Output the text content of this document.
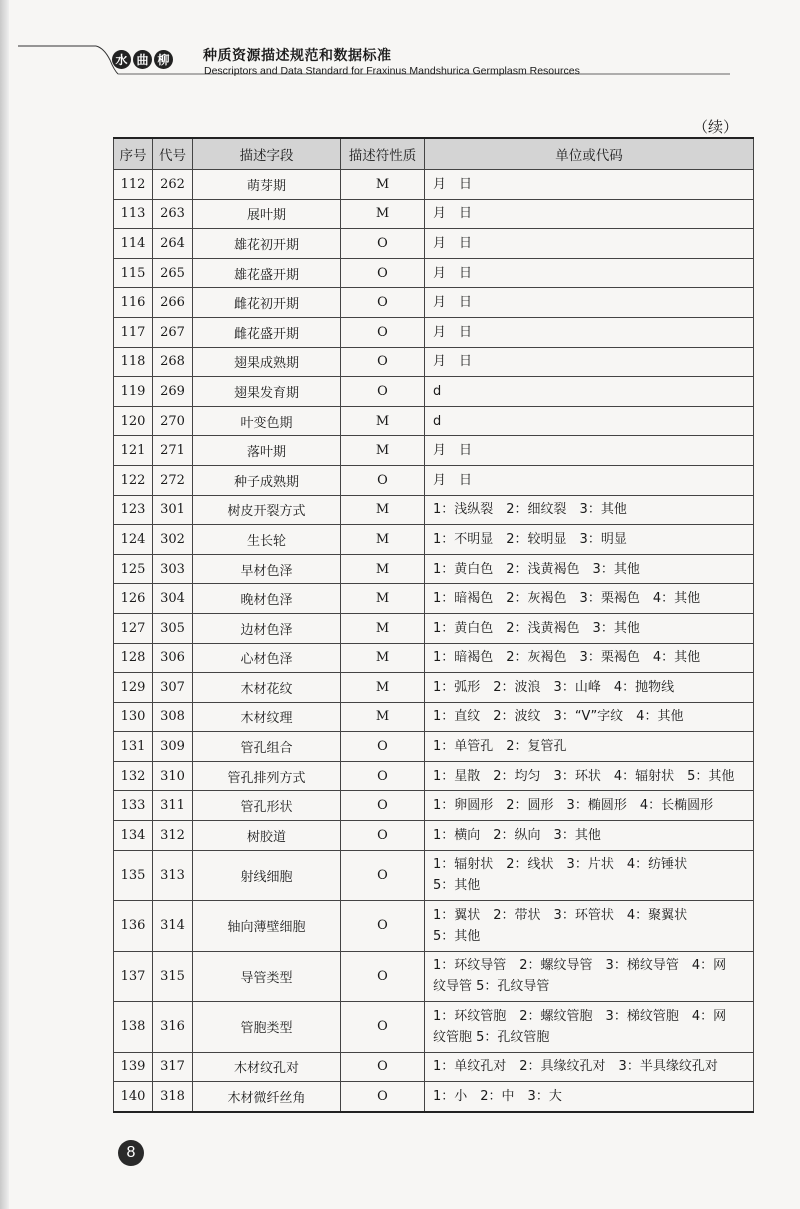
水 曲 柳 种质资源描述规范和数据标准
Descriptors and Data Standard for Fraxinus Mandshurica Germplasm Resources
（续）
序号	代号	描述字段	描述符性质	单位或代码
112	262	萌芽期	M	月　日
113	263	展叶期	M	月　日
114	264	雄花初开期	O	月　日
115	265	雄花盛开期	O	月　日
116	266	雌花初开期	O	月　日
117	267	雌花盛开期	O	月　日
118	268	翅果成熟期	O	月　日
119	269	翅果发育期	O	d
120	270	叶变色期	M	d
121	271	落叶期	M	月　日
122	272	种子成熟期	O	月　日
123	301	树皮开裂方式	M	1：浅纵裂　2：细纹裂　3：其他
124	302	生长轮	M	1：不明显　2：较明显　3：明显
125	303	早材色泽	M	1：黄白色　2：浅黄褐色　3：其他
126	304	晚材色泽	M	1：暗褐色　2：灰褐色　3：栗褐色　4：其他
127	305	边材色泽	M	1：黄白色　2：浅黄褐色　3：其他
128	306	心材色泽	M	1：暗褐色　2：灰褐色　3：栗褐色　4：其他
129	307	木材花纹	M	1：弧形　2：波浪　3：山峰　4：抛物线
130	308	木材纹理	M	1：直纹　2：波纹　3：“V”字纹　4：其他
131	309	管孔组合	O	1：单管孔　2：复管孔
132	310	管孔排列方式	O	1：星散　2：均匀　3：环状　4：辐射状　5：其他
133	311	管孔形状	O	1：卵圆形　2：圆形　3：椭圆形　4：长椭圆形
134	312	树胶道	O	1：横向　2：纵向　3：其他
135	313	射线细胞	O	1：辐射状　2：线状　3：片状　4：纺锤状
5：其他
136	314	轴向薄壁细胞	O	1：翼状　2：带状　3：环管状　4：聚翼状
5：其他
137	315	导管类型	O	1：环纹导管　2：螺纹导管　3：梯纹导管　4：网
纹导管 5：孔纹导管
138	316	管胞类型	O	1：环纹管胞　2：螺纹管胞　3：梯纹管胞　4：网
纹管胞 5：孔纹管胞
139	317	木材纹孔对	O	1：单纹孔对　2：具缘纹孔对　3：半具缘纹孔对
140	318	木材微纤丝角	O	1：小　2：中　3：大
8
